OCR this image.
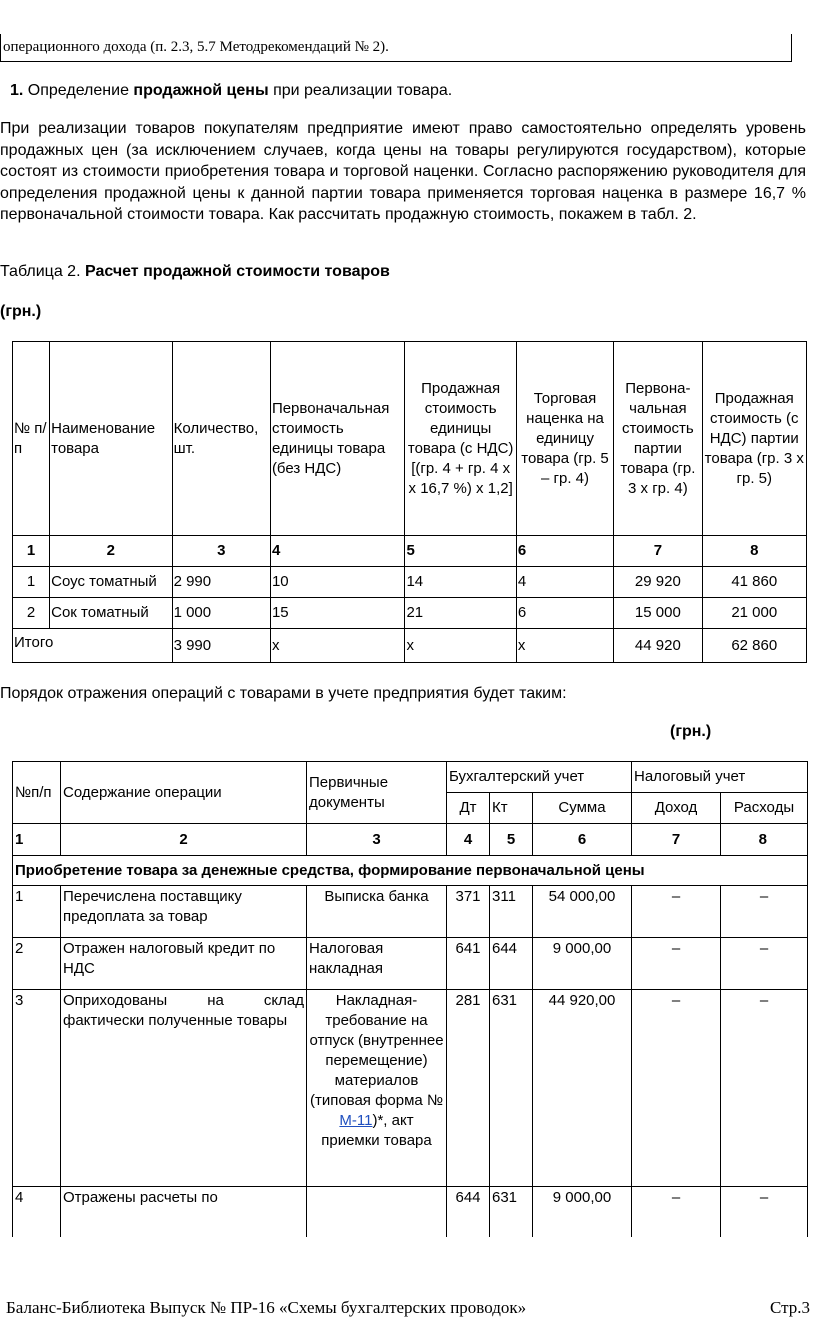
операционного дохода (п. 2.3, 5.7 Методрекомендаций № 2).
1. Определение продажной цены при реализации товара.
При реализации товаров покупателям предприятие имеют право самостоятельно определять уровень продажных цен (за исключением случаев, когда цены на товары регулируются государством), которые состоят из стоимости приобретения товара и торговой наценки. Согласно распоряжению руководителя для определения продажной цены к данной партии товара применяется торговая наценка в размере 16,7 % первоначальной стоимости товара. Как рассчитать продажную стоимость, покажем в табл. 2.
Таблица 2. Расчет продажной стоимости товаров
(грн.)
№ п/п	Наименование товара	Количество, шт.	Первоначальная стоимость единицы товара (без НДС)	Продажная стоимость единицы товара (с НДС) [(гр. 4 + гр. 4 х х 16,7 %) х 1,2]	Торговая наценка на единицу товара (гр. 5 – гр. 4)	Первоначальная стоимость партии товара (гр. 3 х гр. 4)	Продажная стоимость (с НДС) партии товара (гр. 3 х гр. 5)
1	2	3	4	5	6	7	8
1	Соус томатный	2 990	10	14	4	29 920	41 860
2	Сок томатный	1 000	15	21	6	15 000	21 000
Итого		3 990	x	x	x	44 920	62 860
Порядок отражения операций с товарами в учете предприятия будет таким:
(грн.)
№п/п	Содержание операции	Первичные документы	Бухгалтерский учет			Налоговый учет	
			Дт	Кт	Сумма	Доход	Расходы
1	2	3	4	5	6	7	8
Приобретение товара за денежные средства, формирование первоначальной цены							
1	Перечислена поставщику предоплата за товар	Выписка банка	371	311	54 000,00	–	–
2	Отражен налоговый кредит по НДС	Налоговая накладная	641	644	9 000,00	–	–
3	Оприходованы на склад фактически полученные товары	Накладная-требование на отпуск (внутреннее перемещение) материалов (типовая форма № М-11)*, акт приемки товара	281	631	44 920,00	–	–
4	Отражены расчеты по		644	631	9 000,00	–	–
Баланс-Библиотека Выпуск № ПР-16 «Схемы бухгалтерских проводок»	Стр.3
